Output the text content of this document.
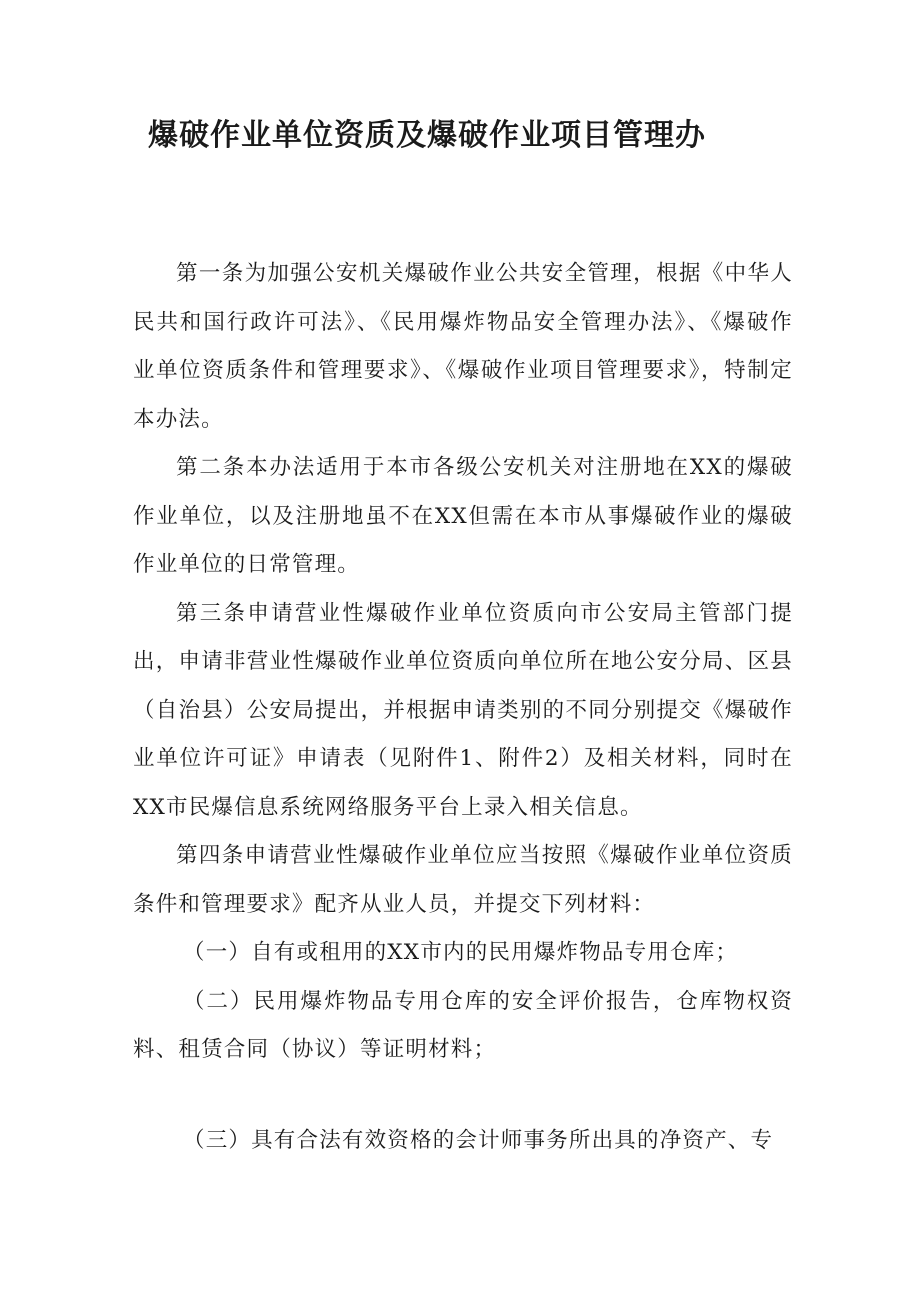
爆破作业单位资质及爆破作业项目管理办

第一条为加强公安机关爆破作业公共安全管理，根据《中华人民共和国行政许可法》、《民用爆炸物品安全管理办法》、《爆破作业单位资质条件和管理要求》、《爆破作业项目管理要求》，特制定本办法。

第二条本办法适用于本市各级公安机关对注册地在XX的爆破作业单位，以及注册地虽不在XX但需在本市从事爆破作业的爆破作业单位的日常管理。

第三条申请营业性爆破作业单位资质向市公安局主管部门提出，申请非营业性爆破作业单位资质向单位所在地公安分局、区县（自治县）公安局提出，并根据申请类别的不同分别提交《爆破作业单位许可证》申请表（见附件1、附件2）及相关材料，同时在XX市民爆信息系统网络服务平台上录入相关信息。

第四条申请营业性爆破作业单位应当按照《爆破作业单位资质条件和管理要求》配齐从业人员，并提交下列材料：

（一）自有或租用的XX市内的民用爆炸物品专用仓库；

（二）民用爆炸物品专用仓库的安全评价报告，仓库物权资料、租赁合同（协议）等证明材料；

（三）具有合法有效资格的会计师事务所出具的净资产、专
